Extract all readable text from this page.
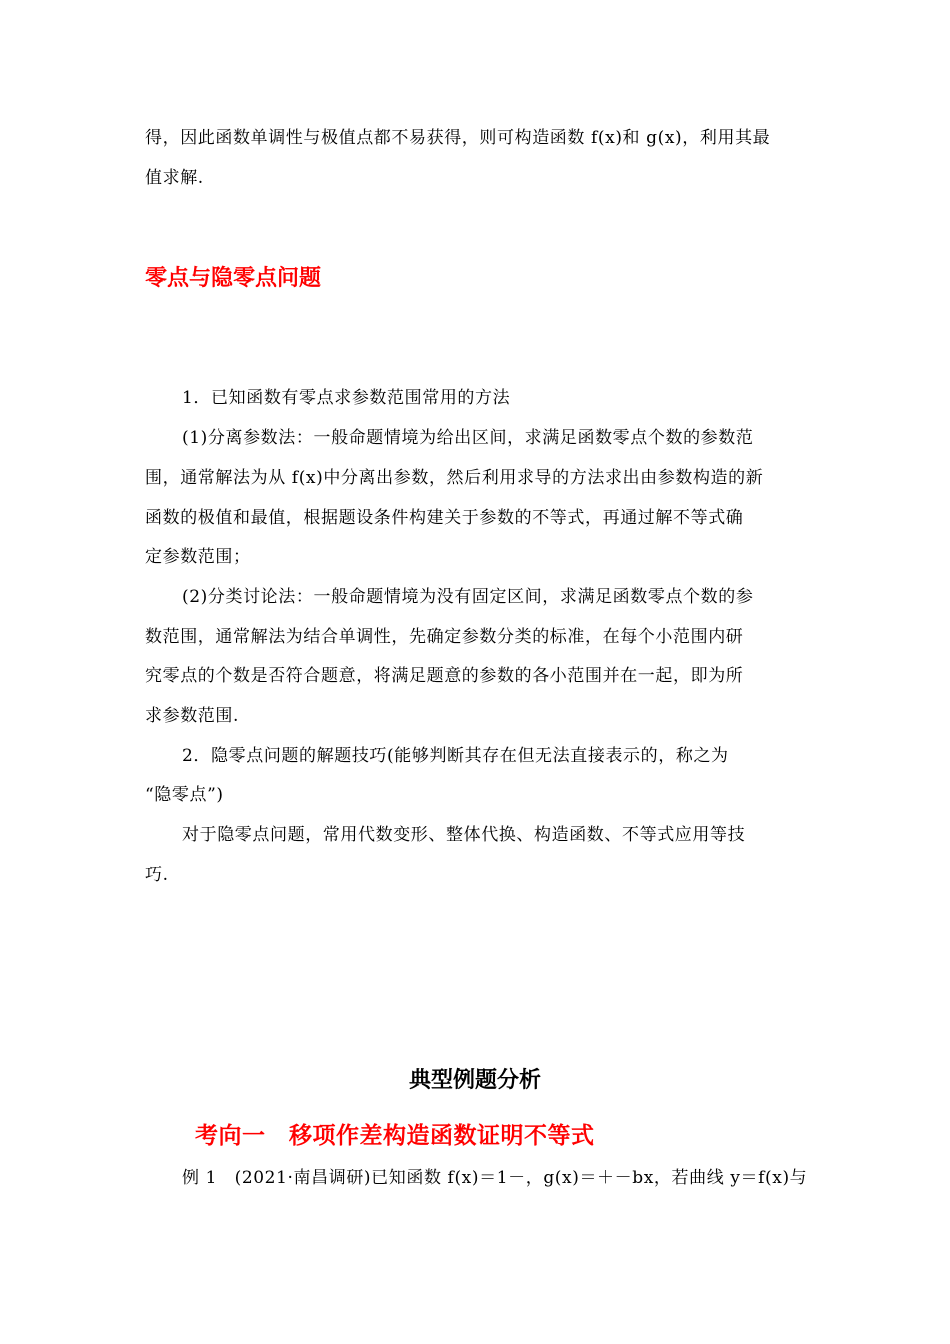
得，因此函数单调性与极值点都不易获得，则可构造函数 f(x)和 g(x)，利用其最
值求解.
零点与隐零点问题
1．已知函数有零点求参数范围常用的方法
(1)分离参数法：一般命题情境为给出区间，求满足函数零点个数的参数范
围，通常解法为从 f(x)中分离出参数，然后利用求导的方法求出由参数构造的新
函数的极值和最值，根据题设条件构建关于参数的不等式，再通过解不等式确
定参数范围；
(2)分类讨论法：一般命题情境为没有固定区间，求满足函数零点个数的参
数范围，通常解法为结合单调性，先确定参数分类的标准，在每个小范围内研
究零点的个数是否符合题意，将满足题意的参数的各小范围并在一起，即为所
求参数范围.
2．隐零点问题的解题技巧(能够判断其存在但无法直接表示的，称之为
“隐零点”)
对于隐零点问题，常用代数变形、整体代换、构造函数、不等式应用等技
巧.
典型例题分析
考向一　移项作差构造函数证明不等式
例 1　(2021·南昌调研)已知函数 f(x)＝1－，g(x)＝＋－bx，若曲线 y＝f(x)与
